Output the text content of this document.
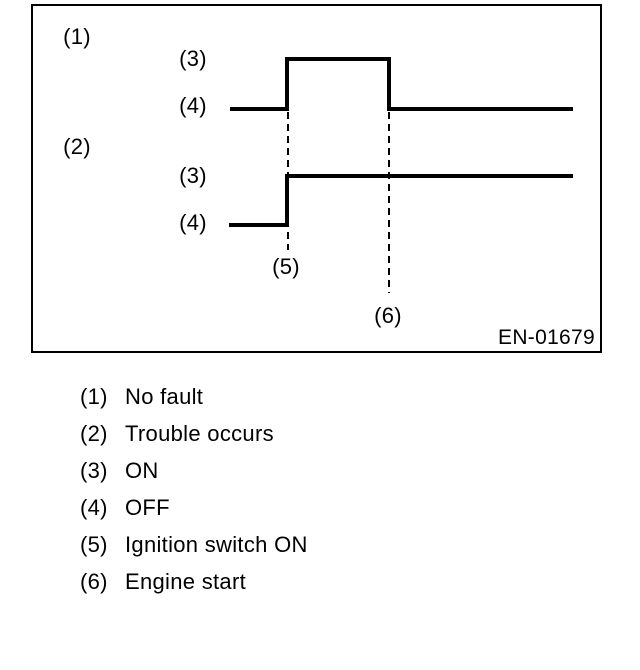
(1)
(3)
(4)
(2)
(3)
(4)
(5)
(6)
EN-01679
(1) No fault
(2) Trouble occurs
(3) ON
(4) OFF
(5) Ignition switch ON
(6) Engine start
